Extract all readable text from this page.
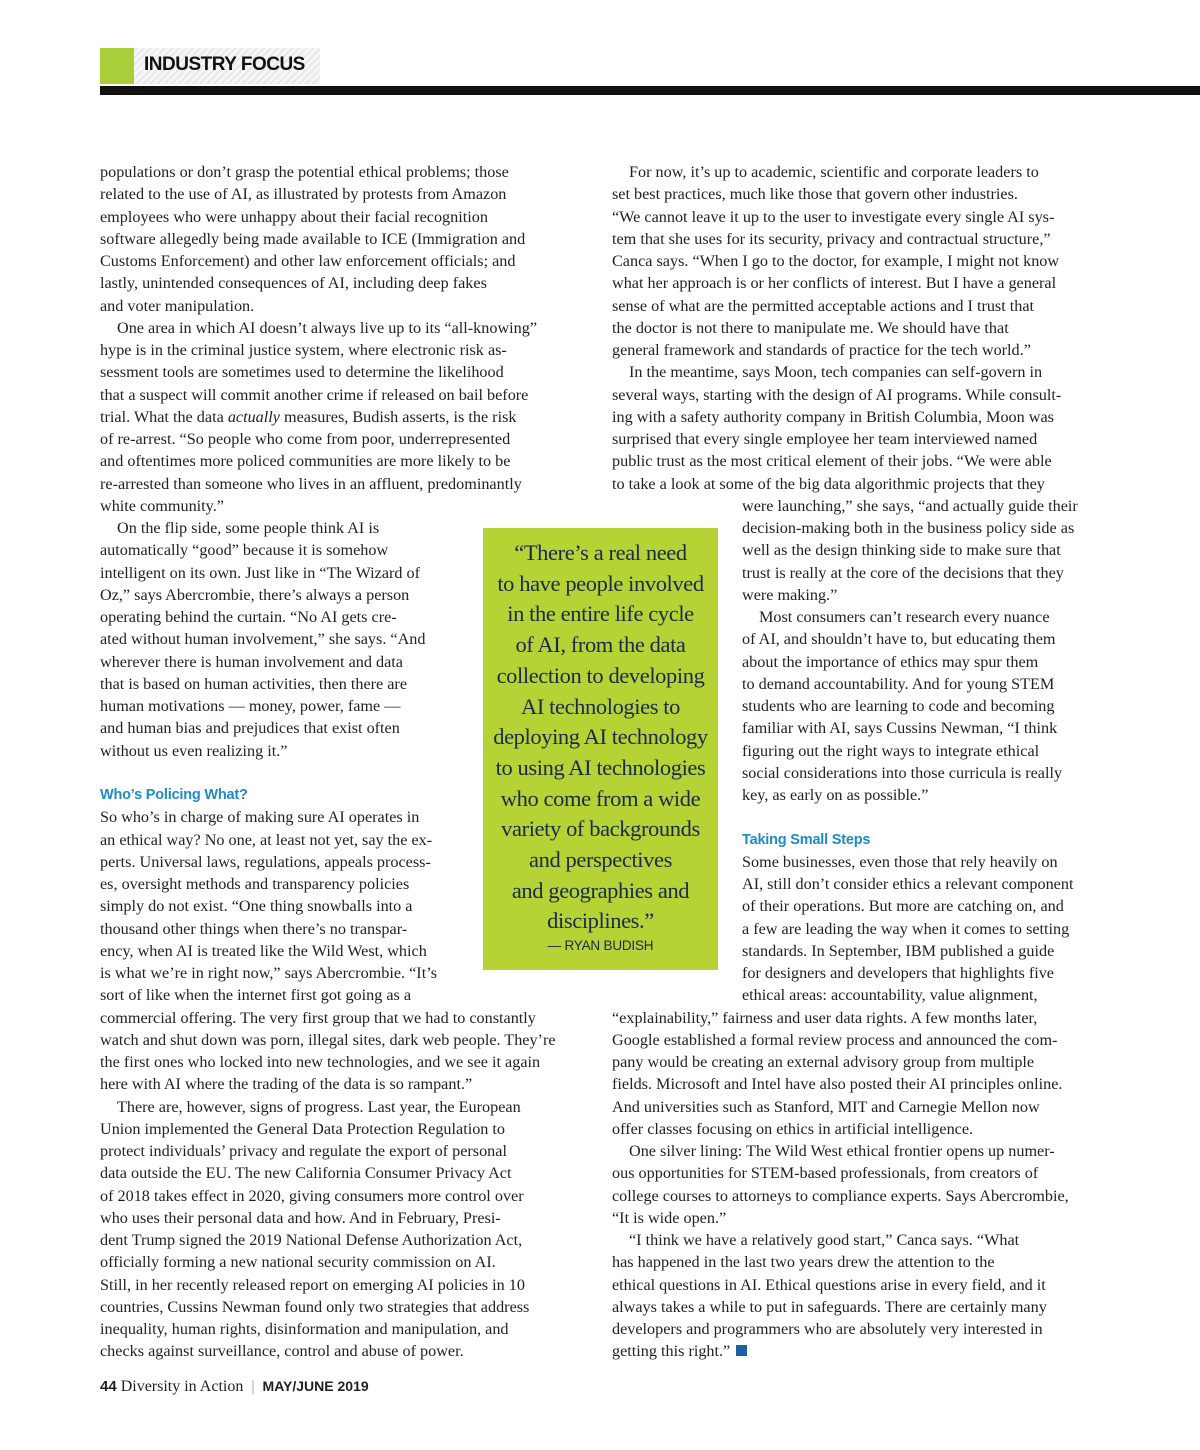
INDUSTRY FOCUS

populations or don’t grasp the potential ethical problems; those
related to the use of AI, as illustrated by protests from Amazon
employees who were unhappy about their facial recognition
software allegedly being made available to ICE (Immigration and
Customs Enforcement) and other law enforcement officials; and
lastly, unintended consequences of AI, including deep fakes
and voter manipulation.

One area in which AI doesn’t always live up to its “all-knowing”
hype is in the criminal justice system, where electronic risk as-
sessment tools are sometimes used to determine the likelihood
that a suspect will commit another crime if released on bail before
trial. What the data actually measures, Budish asserts, is the risk
of re-arrest. “So people who come from poor, underrepresented
and oftentimes more policed communities are more likely to be
re-arrested than someone who lives in an affluent, predominantly
white community.”

On the flip side, some people think AI is
automatically “good” because it is somehow
intelligent on its own. Just like in “The Wizard of
Oz,” says Abercrombie, there’s always a person
operating behind the curtain. “No AI gets cre-
ated without human involvement,” she says. “And
wherever there is human involvement and data
that is based on human activities, then there are
human motivations — money, power, fame —
and human bias and prejudices that exist often
without us even realizing it.”

Who’s Policing What?

So who’s in charge of making sure AI operates in
an ethical way? No one, at least not yet, say the ex-
perts. Universal laws, regulations, appeals process-
es, oversight methods and transparency policies
simply do not exist. “One thing snowballs into a
thousand other things when there’s no transpar-
ency, when AI is treated like the Wild West, which
is what we’re in right now,” says Abercrombie. “It’s
sort of like when the internet first got going as a
commercial offering. The very first group that we had to constantly
watch and shut down was porn, illegal sites, dark web people. They’re
the first ones who locked into new technologies, and we see it again
here with AI where the trading of the data is so rampant.”

There are, however, signs of progress. Last year, the European
Union implemented the General Data Protection Regulation to
protect individuals’ privacy and regulate the export of personal
data outside the EU. The new California Consumer Privacy Act
of 2018 takes effect in 2020, giving consumers more control over
who uses their personal data and how. And in February, Presi-
dent Trump signed the 2019 National Defense Authorization Act,
officially forming a new national security commission on AI.
Still, in her recently released report on emerging AI policies in 10
countries, Cussins Newman found only two strategies that address
inequality, human rights, disinformation and manipulation, and
checks against surveillance, control and abuse of power.

“There’s a real need
to have people involved
in the entire life cycle
of AI, from the data
collection to developing
AI technologies to
deploying AI technology
to using AI technologies
who come from a wide
variety of backgrounds
and perspectives
and geographies and
disciplines.”
— RYAN BUDISH

For now, it’s up to academic, scientific and corporate leaders to
set best practices, much like those that govern other industries.
“We cannot leave it up to the user to investigate every single AI sys-
tem that she uses for its security, privacy and contractual structure,”
Canca says. “When I go to the doctor, for example, I might not know
what her approach is or her conflicts of interest. But I have a general
sense of what are the permitted acceptable actions and I trust that
the doctor is not there to manipulate me. We should have that
general framework and standards of practice for the tech world.”

In the meantime, says Moon, tech companies can self-govern in
several ways, starting with the design of AI programs. While consult-
ing with a safety authority company in British Columbia, Moon was
surprised that every single employee her team interviewed named
public trust as the most critical element of their jobs. “We were able
to take a look at some of the big data algorithmic projects that they
were launching,” she says, “and actually guide their
decision-making both in the business policy side as
well as the design thinking side to make sure that
trust is really at the core of the decisions that they
were making.”

Most consumers can’t research every nuance
of AI, and shouldn’t have to, but educating them
about the importance of ethics may spur them
to demand accountability. And for young STEM
students who are learning to code and becoming
familiar with AI, says Cussins Newman, “I think
figuring out the right ways to integrate ethical
social considerations into those curricula is really
key, as early on as possible.”

Taking Small Steps

Some businesses, even those that rely heavily on
AI, still don’t consider ethics a relevant component
of their operations. But more are catching on, and
a few are leading the way when it comes to setting
standards. In September, IBM published a guide
for designers and developers that highlights five
ethical areas: accountability, value alignment,
“explainability,” fairness and user data rights. A few months later,
Google established a formal review process and announced the com-
pany would be creating an external advisory group from multiple
fields. Microsoft and Intel have also posted their AI principles online.
And universities such as Stanford, MIT and Carnegie Mellon now
offer classes focusing on ethics in artificial intelligence.

One silver lining: The Wild West ethical frontier opens up numer-
ous opportunities for STEM-based professionals, from creators of
college courses to attorneys to compliance experts. Says Abercrombie,
“It is wide open.”

“I think we have a relatively good start,” Canca says. “What
has happened in the last two years drew the attention to the
ethical questions in AI. Ethical questions arise in every field, and it
always takes a while to put in safeguards. There are certainly many
developers and programmers who are absolutely very interested in
getting this right.”

44 Diversity in Action | MAY/JUNE 2019
